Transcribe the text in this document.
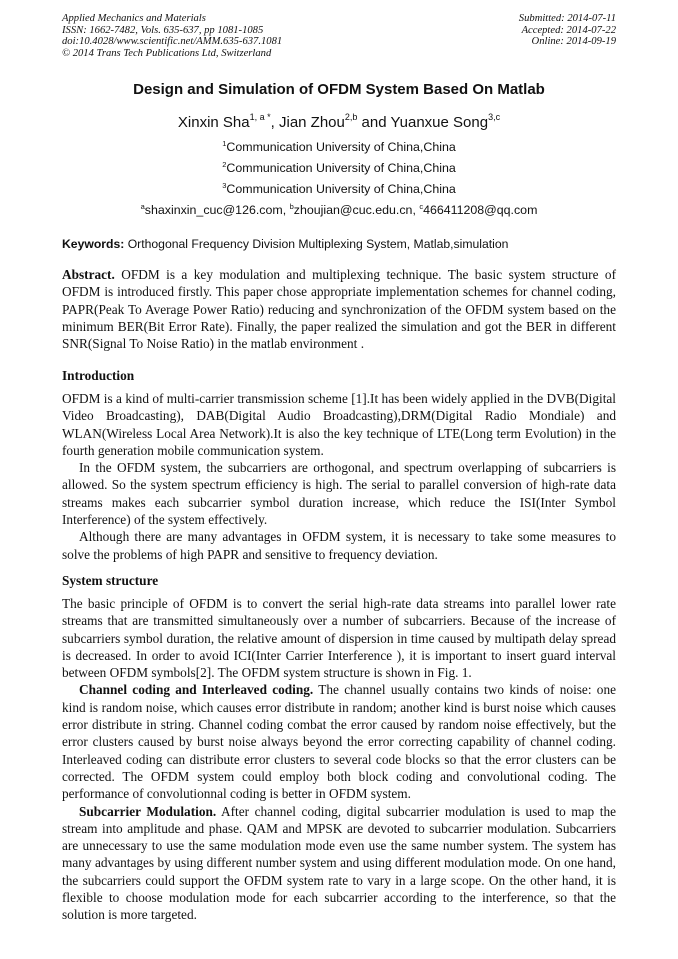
Applied Mechanics and Materials
ISSN: 1662-7482, Vols. 635-637, pp 1081-1085
doi:10.4028/www.scientific.net/AMM.635-637.1081
© 2014 Trans Tech Publications Ltd, Switzerland
Submitted: 2014-07-11
Accepted: 2014-07-22
Online: 2014-09-19
Design and Simulation of OFDM System Based On Matlab
Xinxin Sha$^{1, a *}$, Jian Zhou$^{2,b}$ and Yuanxue Song$^{3,c}$
$^1$Communication University of China,China
$^2$Communication University of China,China
$^3$Communication University of China,China
$^a$shaxinxin_cuc@126.com, $^b$zhoujian@cuc.edu.cn, $^c$466411208@qq.com
Keywords: Orthogonal Frequency Division Multiplexing System, Matlab,simulation

Abstract. OFDM is a key modulation and multiplexing technique. The basic system structure of OFDM is introduced firstly. This paper chose appropriate implementation schemes for channel coding, PAPR(Peak To Average Power Ratio) reducing and synchronization of the OFDM system based on the minimum BER(Bit Error Rate). Finally, the paper realized the simulation and got the BER in different SNR(Signal To Noise Ratio) in the matlab environment .

Introduction

OFDM is a kind of multi-carrier transmission scheme [1].It has been widely applied in the DVB(Digital Video Broadcasting), DAB(Digital Audio Broadcasting),DRM(Digital Radio Mondiale) and WLAN(Wireless Local Area Network).It is also the key technique of LTE(Long term Evolution) in the fourth generation mobile communication system.

In the OFDM system, the subcarriers are orthogonal, and spectrum overlapping of subcarriers is allowed. So the system spectrum efficiency is high. The serial to parallel conversion of high-rate data streams makes each subcarrier symbol duration increase, which reduce the ISI(Inter Symbol Interference) of the system effectively.

Although there are many advantages in OFDM system, it is necessary to take some measures to solve the problems of high PAPR and sensitive to frequency deviation.

System structure

The basic principle of OFDM is to convert the serial high-rate data streams into parallel lower rate streams that are transmitted simultaneously over a number of subcarriers. Because of the increase of subcarriers symbol duration, the relative amount of dispersion in time caused by multipath delay spread is decreased. In order to avoid ICI(Inter Carrier Interference ), it is important to insert guard interval between OFDM symbols[2]. The OFDM system structure is shown in Fig. 1.

Channel coding and Interleaved coding. The channel usually contains two kinds of noise: one kind is random noise, which causes error distribute in random; another kind is burst noise which causes error distribute in string. Channel coding combat the error caused by random noise effectively, but the error clusters caused by burst noise always beyond the error correcting capability of channel coding. Interleaved coding can distribute error clusters to several code blocks so that the error clusters can be corrected. The OFDM system could employ both block coding and convolutional coding. The performance of convolutionnal coding is better in OFDM system.

Subcarrier Modulation. After channel coding, digital subcarrier modulation is used to map the stream into amplitude and phase. QAM and MPSK are devoted to subcarrier modulation. Subcarriers are unnecessary to use the same modulation mode even use the same number system. The system has many advantages by using different number system and using different modulation mode. On one hand, the subcarriers could support the OFDM system rate to vary in a large scope. On the other hand, it is flexible to choose modulation mode for each subcarrier according to the interference, so that the solution is more targeted.
